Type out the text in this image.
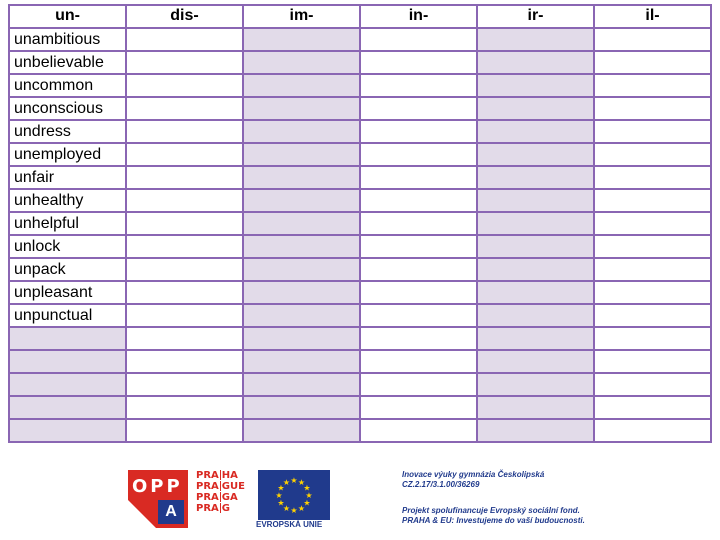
un-	dis-	im-	in-	ir-	il-
unambitious					
unbelievable					
uncommon					
unconscious					
undress					
unemployed					
unfair					
unhealthy					
unhelpful					
unlock					
unpack					
unpleasant					
unpunctual					

OPP
A
PRA HA
PRA GUE
PRA GA
PRA G
★ ★
★
★
★
★
★
★
★
★
★
★
EVROPSKÁ UNIE
Inovace výuky gymnázia Českolipská
CZ.2.17/3.1.00/36269
Projekt spolufinancuje Evropský sociální fond.
PRAHA & EU: Investujeme do vaší budoucnosti.
